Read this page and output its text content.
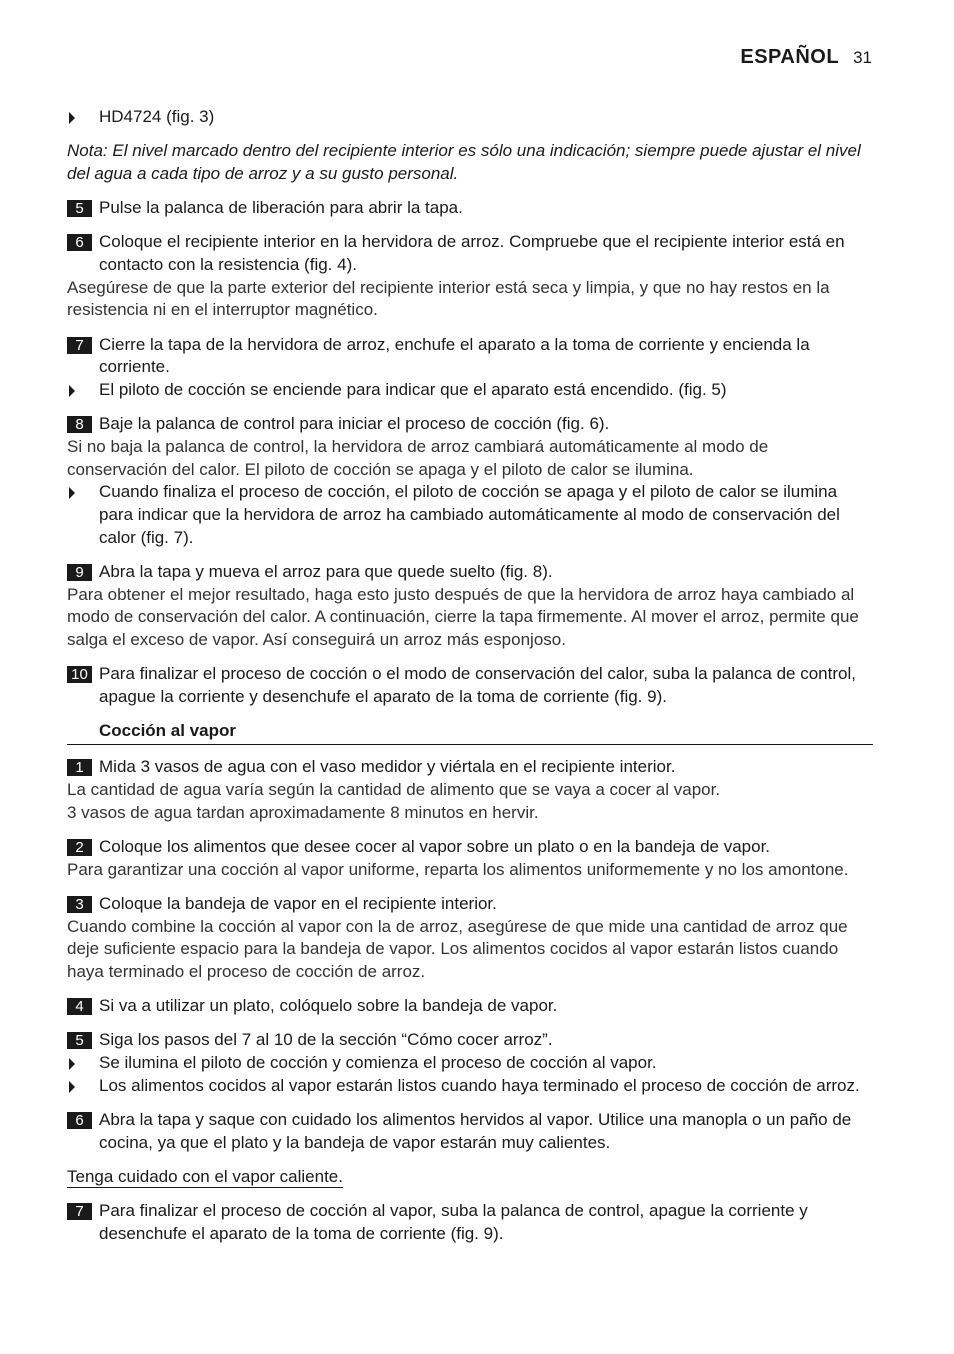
ESPAÑOL 31
HD4724 (fig. 3)
Nota: El nivel marcado dentro del recipiente interior es sólo una indicación; siempre puede ajustar el nivel del agua a cada tipo de arroz y a su gusto personal.
5 Pulse la palanca de liberación para abrir la tapa.
6 Coloque el recipiente interior en la hervidora de arroz. Compruebe que el recipiente interior está en contacto con la resistencia (fig. 4).
Asegúrese de que la parte exterior del recipiente interior está seca y limpia, y que no hay restos en la resistencia ni en el interruptor magnético.
7 Cierre la tapa de la hervidora de arroz, enchufe el aparato a la toma de corriente y encienda la corriente.
El piloto de cocción se enciende para indicar que el aparato está encendido. (fig. 5)
8 Baje la palanca de control para iniciar el proceso de cocción (fig. 6).
Si no baja la palanca de control, la hervidora de arroz cambiará automáticamente al modo de conservación del calor. El piloto de cocción se apaga y el piloto de calor se ilumina.
Cuando finaliza el proceso de cocción, el piloto de cocción se apaga y el piloto de calor se ilumina para indicar que la hervidora de arroz ha cambiado automáticamente al modo de conservación del calor (fig. 7).
9 Abra la tapa y mueva el arroz para que quede suelto (fig. 8).
Para obtener el mejor resultado, haga esto justo después de que la hervidora de arroz haya cambiado al modo de conservación del calor. A continuación, cierre la tapa firmemente. Al mover el arroz, permite que salga el exceso de vapor. Así conseguirá un arroz más esponjoso.
10 Para finalizar el proceso de cocción o el modo de conservación del calor, suba la palanca de control, apague la corriente y desenchufe el aparato de la toma de corriente (fig. 9).
Cocción al vapor
1 Mida 3 vasos de agua con el vaso medidor y viértala en el recipiente interior.
La cantidad de agua varía según la cantidad de alimento que se vaya a cocer al vapor.
3 vasos de agua tardan aproximadamente 8 minutos en hervir.
2 Coloque los alimentos que desee cocer al vapor sobre un plato o en la bandeja de vapor.
Para garantizar una cocción al vapor uniforme, reparta los alimentos uniformemente y no los amontone.
3 Coloque la bandeja de vapor en el recipiente interior.
Cuando combine la cocción al vapor con la de arroz, asegúrese de que mide una cantidad de arroz que deje suficiente espacio para la bandeja de vapor. Los alimentos cocidos al vapor estarán listos cuando haya terminado el proceso de cocción de arroz.
4 Si va a utilizar un plato, colóquelo sobre la bandeja de vapor.
5 Siga los pasos del 7 al 10 de la sección “Cómo cocer arroz”.
Se ilumina el piloto de cocción y comienza el proceso de cocción al vapor.
Los alimentos cocidos al vapor estarán listos cuando haya terminado el proceso de cocción de arroz.
6 Abra la tapa y saque con cuidado los alimentos hervidos al vapor. Utilice una manopla o un paño de cocina, ya que el plato y la bandeja de vapor estarán muy calientes.
Tenga cuidado con el vapor caliente.
7 Para finalizar el proceso de cocción al vapor, suba la palanca de control, apague la corriente y desenchufe el aparato de la toma de corriente (fig. 9).
